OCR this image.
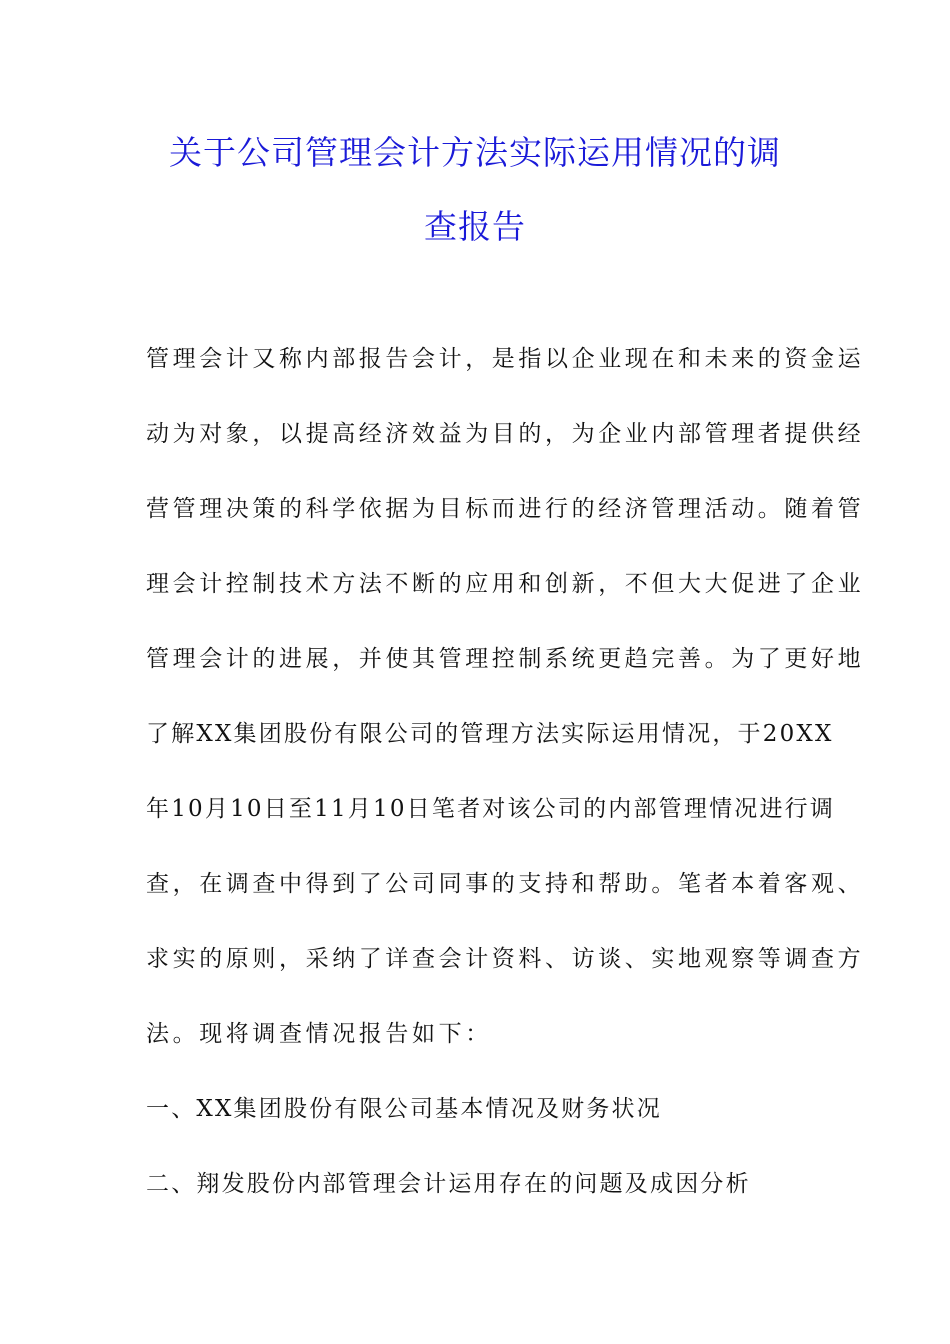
关于公司管理会计方法实际运用情况的调
查报告
管理会计又称内部报告会计，是指以企业现在和未来的资金运
动为对象，以提高经济效益为目的，为企业内部管理者提供经
营管理决策的科学依据为目标而进行的经济管理活动。随着管
理会计控制技术方法不断的应用和创新，不但大大促进了企业
管理会计的进展，并使其管理控制系统更趋完善。为了更好地
了解XX集团股份有限公司的管理方法实际运用情况，于20XX
年10月10日至11月10日笔者对该公司的内部管理情况进行调
查，在调查中得到了公司同事的支持和帮助。笔者本着客观、
求实的原则，采纳了详查会计资料、访谈、实地观察等调查方
法。现将调查情况报告如下：
一、XX集团股份有限公司基本情况及财务状况
二、翔发股份内部管理会计运用存在的问题及成因分析
